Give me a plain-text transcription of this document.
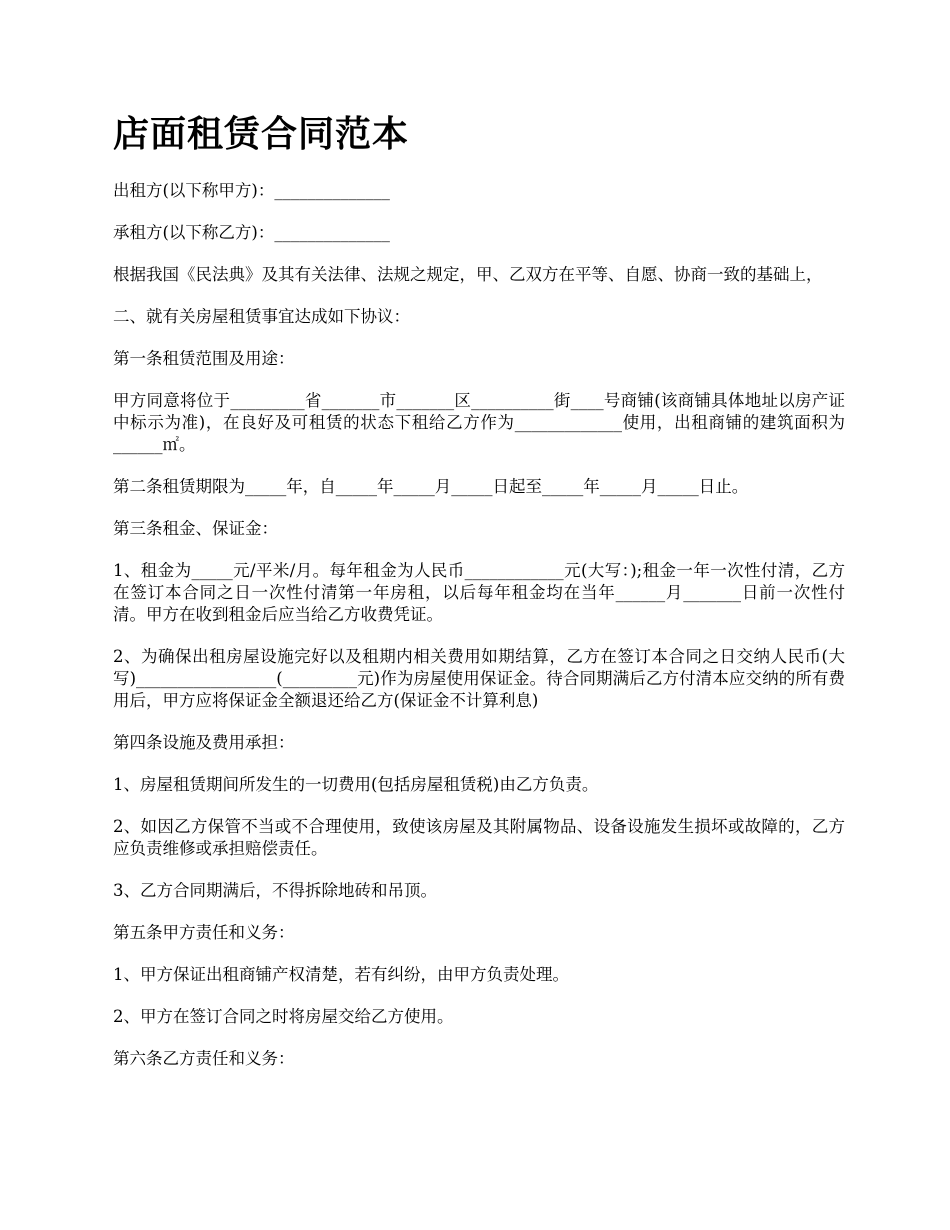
店面租赁合同范本

出租方(以下称甲方)：______________

承租方(以下称乙方)：______________

根据我国《民法典》及其有关法律、法规之规定，甲、乙双方在平等、自愿、协商一致的基础上，

二、就有关房屋租赁事宜达成如下协议：

第一条租赁范围及用途：

甲方同意将位于_________省_______市_______区__________街____号商铺(该商铺具体地址以房产证中标示为准)，在良好及可租赁的状态下租给乙方作为_____________使用，出租商铺的建筑面积为______㎡。

第二条租赁期限为_____年，自_____年_____月_____日起至_____年_____月_____日止。

第三条租金、保证金：

1、租金为_____元/平米/月。每年租金为人民币____________元(大写：);租金一年一次性付清，乙方在签订本合同之日一次性付清第一年房租，以后每年租金均在当年______月_______日前一次性付清。甲方在收到租金后应当给乙方收费凭证。

2、为确保出租房屋设施完好以及租期内相关费用如期结算，乙方在签订本合同之日交纳人民币(大写)_________________(_________元)作为房屋使用保证金。待合同期满后乙方付清本应交纳的所有费用后，甲方应将保证金全额退还给乙方(保证金不计算利息)

第四条设施及费用承担：

1、房屋租赁期间所发生的一切费用(包括房屋租赁税)由乙方负责。

2、如因乙方保管不当或不合理使用，致使该房屋及其附属物品、设备设施发生损坏或故障的，乙方应负责维修或承担赔偿责任。

3、乙方合同期满后，不得拆除地砖和吊顶。

第五条甲方责任和义务：

1、甲方保证出租商铺产权清楚，若有纠纷，由甲方负责处理。

2、甲方在签订合同之时将房屋交给乙方使用。

第六条乙方责任和义务：
